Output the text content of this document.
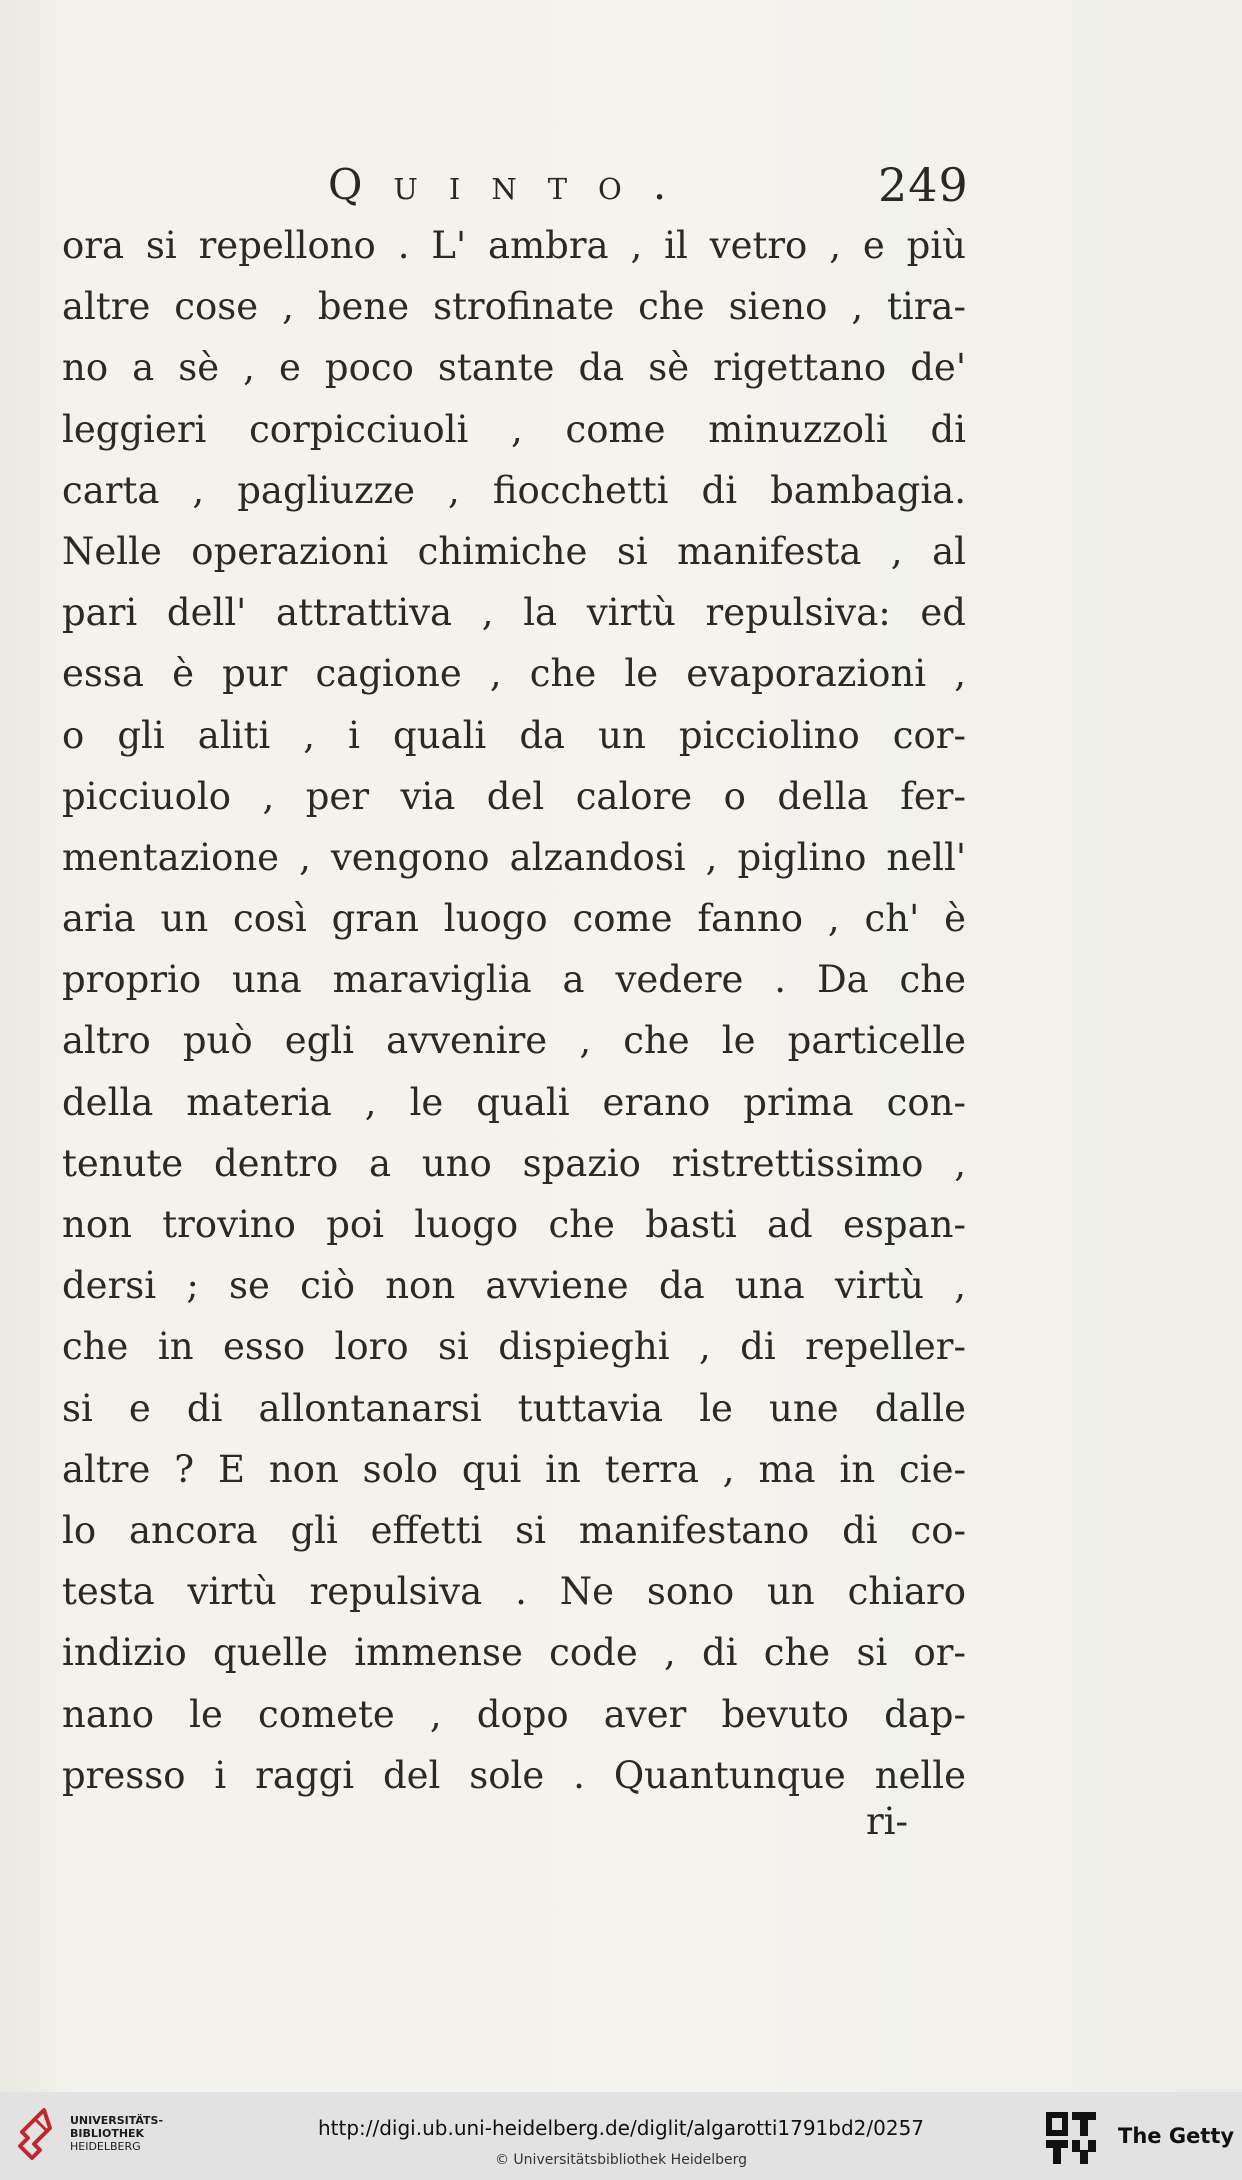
Quinto.	249
ora si repellono . L' ambra , il vetro , e più
altre cose , bene strofinate che sieno , tira-
no a sè , e poco stante da sè rigettano de'
leggieri corpicciuoli , come minuzzoli di
carta , pagliuzze , fiocchetti di bambagia.
Nelle operazioni chimiche si manifesta , al
pari dell' attrattiva , la virtù repulsiva: ed
essa è pur cagione , che le evaporazioni ,
o gli aliti , i quali da un picciolino cor-
picciuolo , per via del calore o della fer-
mentazione , vengono alzandosi , piglino nell'
aria un così gran luogo come fanno , ch' è
proprio una maraviglia a vedere . Da che
altro può egli avvenire , che le particelle
della materia , le quali erano prima con-
tenute dentro a uno spazio ristrettissimo ,
non trovino poi luogo che basti ad espan-
dersi ; se ciò non avviene da una virtù ,
che in esso loro si dispieghi , di repeller-
si e di allontanarsi tuttavia le une dalle
altre ? E non solo qui in terra , ma in cie-
lo ancora gli effetti si manifestano di co-
testa virtù repulsiva . Ne sono un chiaro
indizio quelle immense code , di che si or-
nano le comete , dopo aver bevuto dap-
presso i raggi del sole . Quantunque nelle
ri-
UNIVERSITÄTS-
BIBLIOTHEK
HEIDELBERG
http://digi.ub.uni-heidelberg.de/diglit/algarotti1791bd2/0257
© Universitätsbibliothek Heidelberg
The Getty
